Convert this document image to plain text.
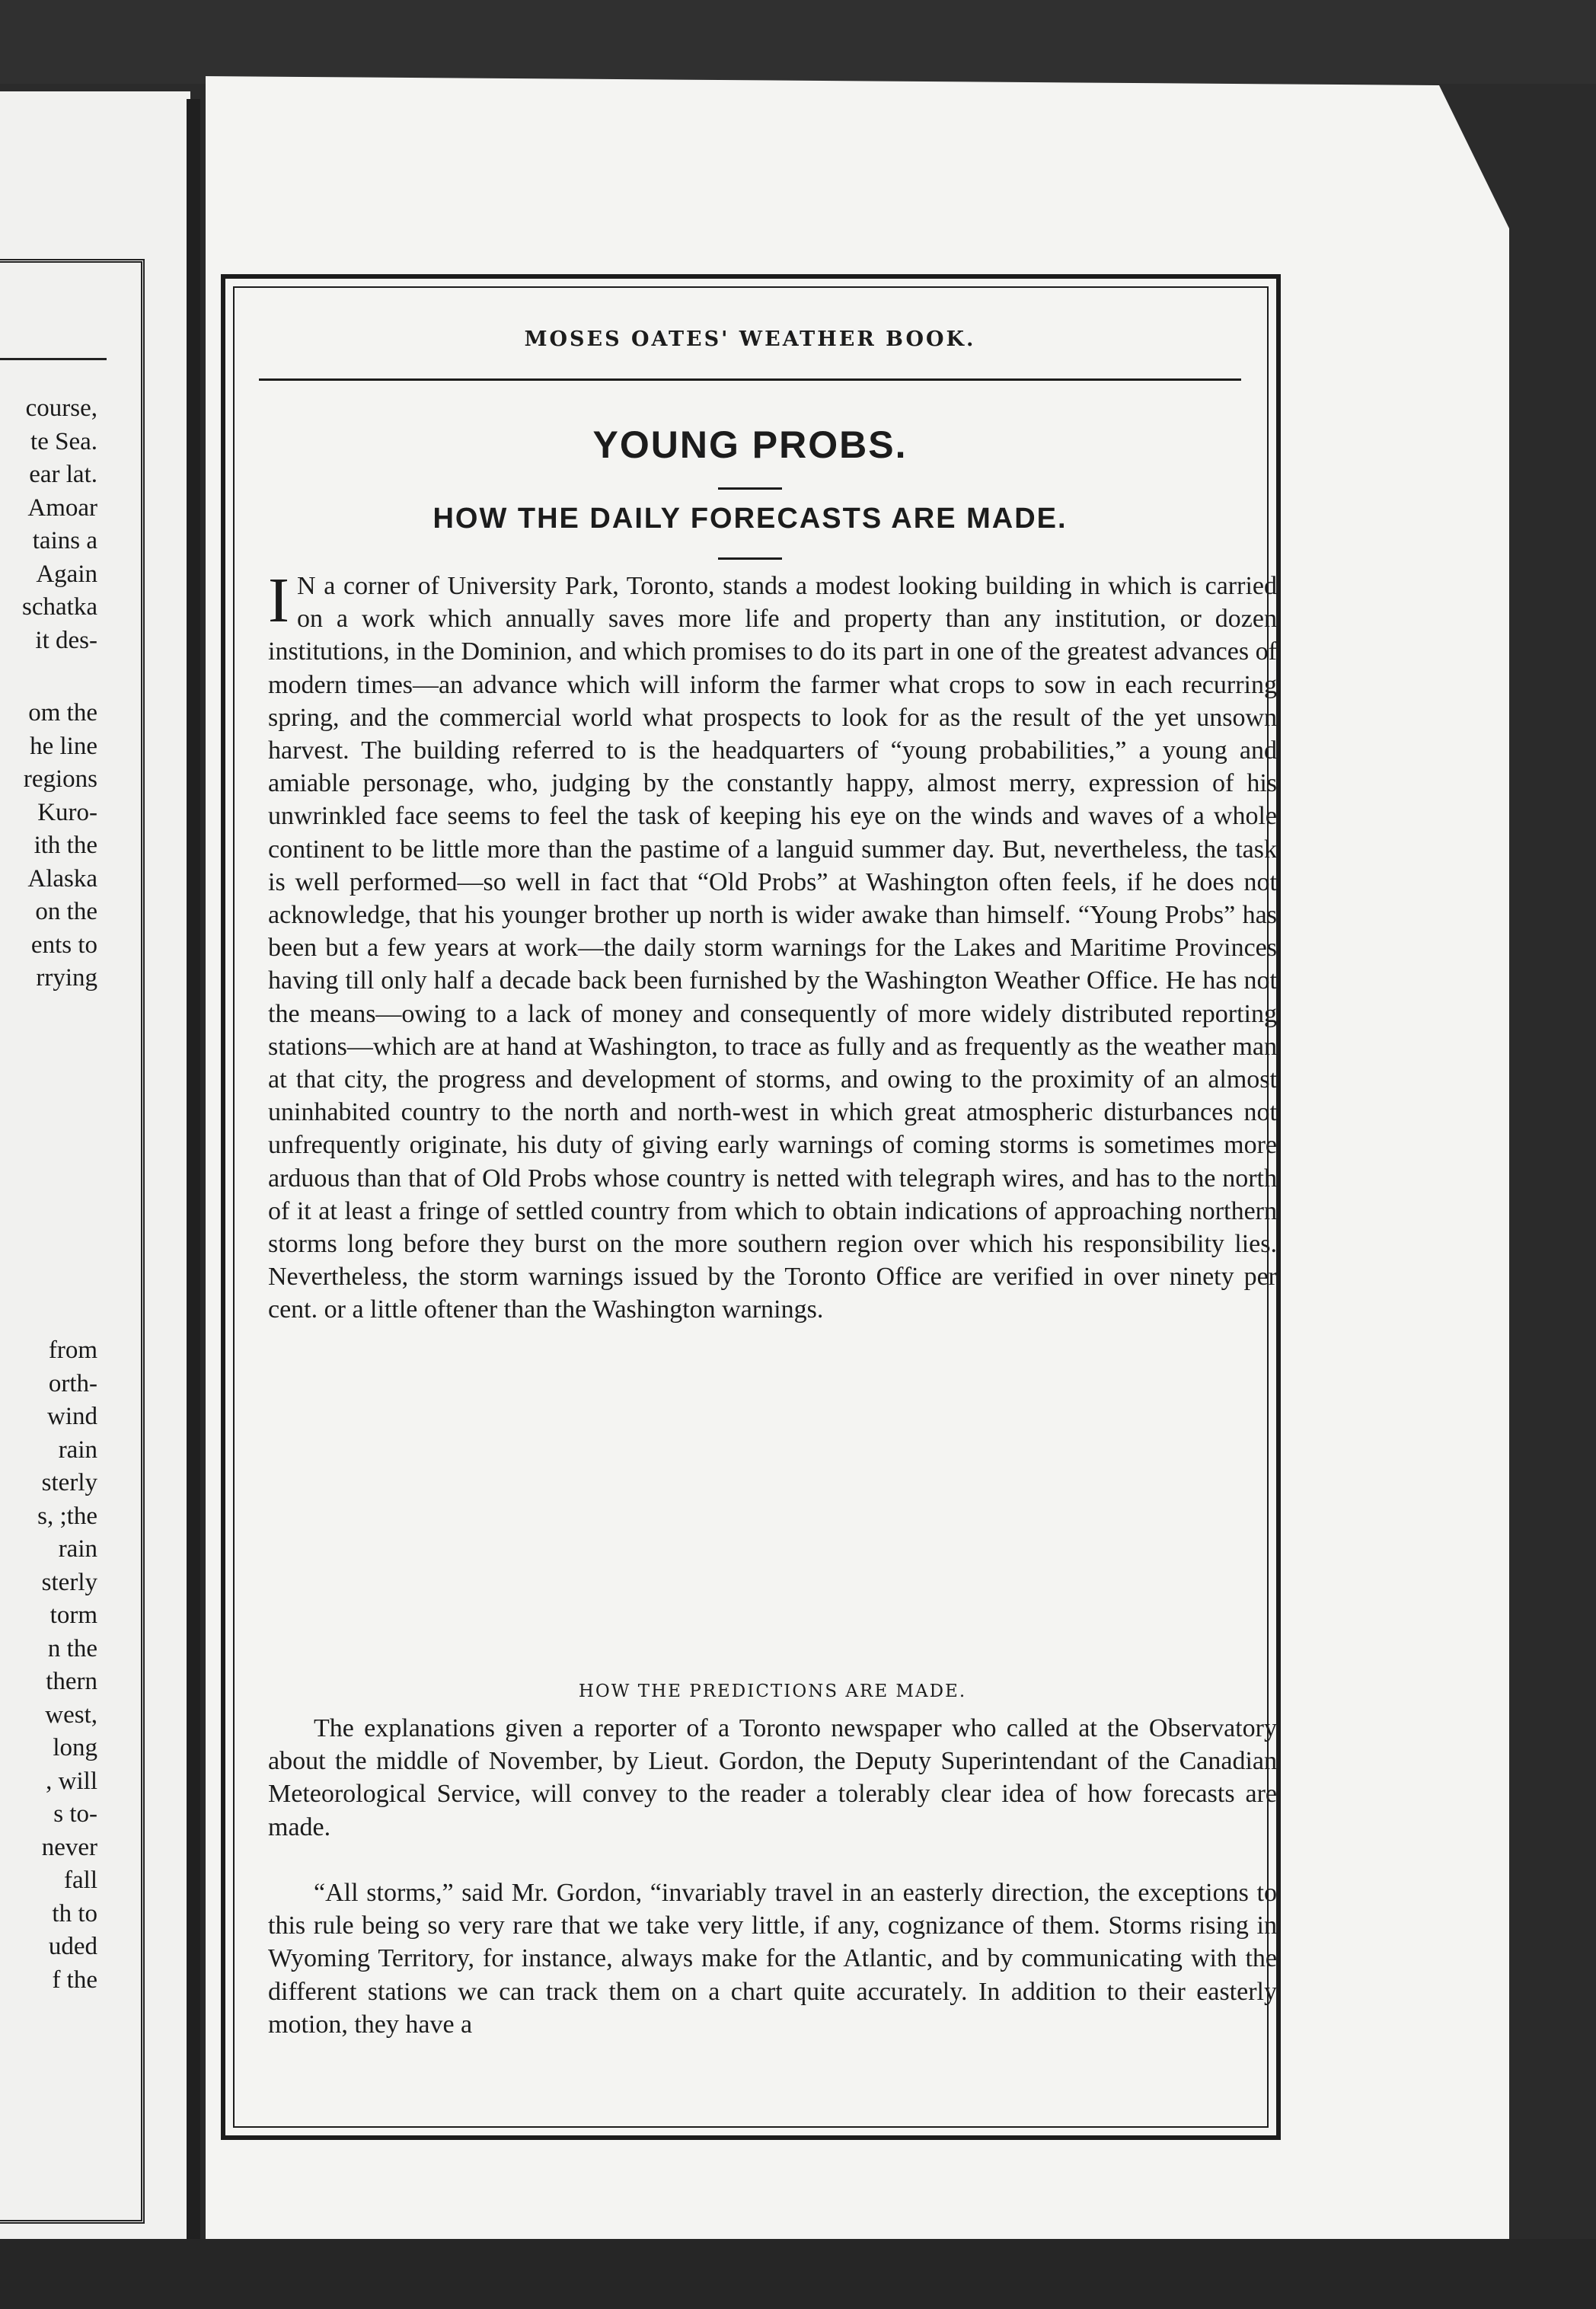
course,
te Sea.
ear lat.
Amoar
tains a
Again
schatka
it des-
om the
he line
regions
Kuro-
ith the
Alaska
on the
ents to
rrying
from
orth-
wind
rain
sterly
s, ;the
rain
sterly
torm
n the
thern
west,
long
, will
s to-
never
fall
th to
uded
f the
MOSES OATES' WEATHER BOOK.
YOUNG PROBS.
HOW THE DAILY FORECASTS ARE MADE.
I N a corner of University Park, Toronto, stands a modest looking building in which is carried on a work which annually saves more life and property than any institution, or dozen institutions, in the Dominion, and which promises to do its part in one of the greatest advances of modern times—an advance which will inform the farmer what crops to sow in each recurring spring, and the commercial world what prospects to look for as the result of the yet unsown harvest. The building referred to is the headquarters of “young probabilities,” a young and amiable personage, who, judging by the constantly happy, almost merry, expression of his unwrinkled face seems to feel the task of keeping his eye on the winds and waves of a whole continent to be little more than the pastime of a languid summer day. But, nevertheless, the task is well performed—so well in fact that “Old Probs” at Washington often feels, if he does not acknowledge, that his younger brother up north is wider awake than himself. “Young Probs” has been but a few years at work—the daily storm warnings for the Lakes and Maritime Provinces having till only half a decade back been furnished by the Washington Weather Office. He has not the means—owing to a lack of money and consequently of more widely distributed reporting stations—which are at hand at Washington, to trace as fully and as frequently as the weather man at that city, the progress and development of storms, and owing to the proximity of an almost uninhabited country to the north and north-west in which great atmospheric disturbances not unfrequently originate, his duty of giving early warnings of coming storms is sometimes more arduous than that of Old Probs whose country is netted with telegraph wires, and has to the north of it at least a fringe of settled country from which to obtain indications of approaching northern storms long before they burst on the more southern region over which his responsibility lies. Nevertheless, the storm warnings issued by the Toronto Office are verified in over ninety per cent. or a little oftener than the Washington warnings.
HOW THE PREDICTIONS ARE MADE.
The explanations given a reporter of a Toronto newspaper who called at the Observatory about the middle of November, by Lieut. Gordon, the Deputy Superintendant of the Canadian Meteorological Service, will convey to the reader a tolerably clear idea of how forecasts are made.
“All storms,” said Mr. Gordon, “invariably travel in an easterly direction, the exceptions to this rule being so very rare that we take very little, if any, cognizance of them. Storms rising in Wyoming Territory, for instance, always make for the Atlantic, and by communicating with the different stations we can track them on a chart quite accurately. In addition to their easterly motion, they have a
